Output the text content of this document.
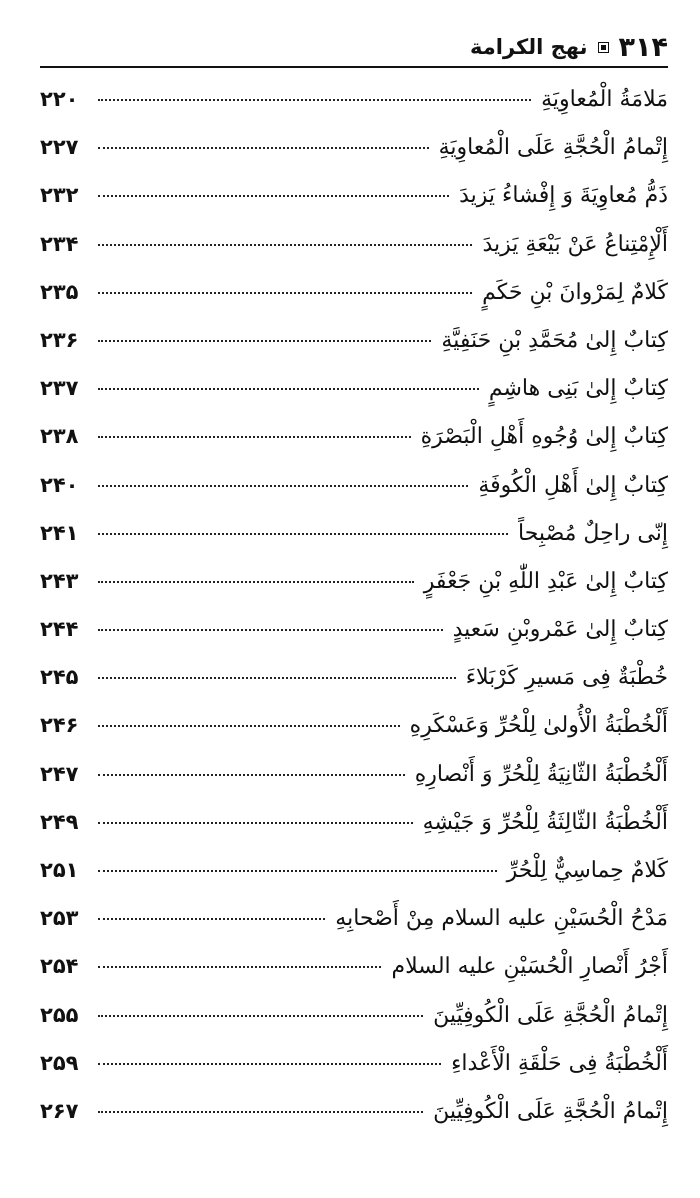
۳۱۴
نهج الكرامة
مَلامَةُ الْمُعاوِيَةِ
۲۲۰
إِتْمامُ الْحُجَّةِ عَلَى الْمُعاوِيَةِ
۲۲۷
ذَمُّ مُعاوِيَةَ وَ إِفْشاءُ يَزيدَ
۲۳۲
أَلْإِمْتِناعُ عَنْ بَيْعَةِ يَزيدَ
۲۳۴
كَلامٌ لِمَرْوانَ بْنِ حَكَمٍ
۲۳۵
كِتابٌ إِلىٰ مُحَمَّدِ بْنِ حَنَفِيَّةِ
۲۳۶
كِتابٌ إِلىٰ بَنِى هاشِمٍ
۲۳۷
كِتابٌ إِلىٰ وُجُوهِ أَهْلِ الْبَصْرَةِ
۲۳۸
كِتابٌ إِلىٰ أَهْلِ الْكُوفَةِ
۲۴۰
إِنّى راحِلٌ مُصْبِحاً
۲۴۱
كِتابٌ إِلىٰ عَبْدِ اللّٰهِ بْنِ جَعْفَرٍ
۲۴۳
كِتابٌ إِلىٰ عَمْروبْنِ سَعيدٍ
۲۴۴
خُطْبَةٌ فِى مَسيرِ كَرْبَلاءَ
۲۴۵
أَلْخُطْبَةُ الْأُولىٰ لِلْحُرِّ وَعَسْكَرِهِ
۲۴۶
أَلْخُطْبَةُ الثّانِيَةُ لِلْحُرِّ وَ أَنْصارِهِ
۲۴۷
أَلْخُطْبَةُ الثّالِثَةُ لِلْحُرِّ وَ جَيْشِهِ
۲۴۹
كَلامٌ حِماسِيٌّ لِلْحُرِّ
۲۵۱
مَدْحُ الْحُسَيْنِ عليه السلام مِنْ أَصْحابِهِ
۲۵۳
أَجْرُ أَنْصارِ الْحُسَيْنِ عليه السلام
۲۵۴
إِتْمامُ الْحُجَّةِ عَلَى الْكُوفِيِّينَ
۲۵۵
أَلْخُطْبَةُ فِى حَلْقَةِ الْأَعْداءِ
۲۵۹
إِتْمامُ الْحُجَّةِ عَلَى الْكُوفِيِّينَ
۲۶۷
